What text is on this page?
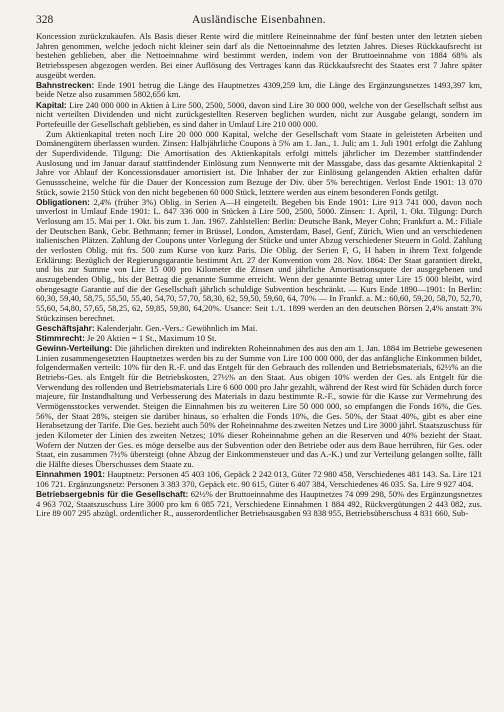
328	Ausländische Eisenbahnen.

Koncession zurückzukaufen. Als Basis dieser Rente wird die mittlere Reineinnahme der fünf besten unter den letzten sieben Jahren genommen, welche jedoch nicht kleiner sein darf als die Nettoeinnahme des letzten Jahres. Dieses Rückkaufsrecht ist bestehen geblieben, aber die Nettoeinnahme wird bestimmt werden, indem von der Bruttoeinnahme von 1884 68% als Betriebsspesen abgezogen werden. Bei einer Auflösung des Vertrages kann das Rückkaufsrecht des Staates erst 7 Jahre später ausgeübt werden.

Bahnstrecken: Ende 1901 betrug die Länge des Hauptnetzes 4309,259 km, die Länge des Ergänzungsnetzes 1493,397 km, beide Netze also zusammen 5802,656 km.

Kapital: Lire 240 000 000 in Aktien à Lire 500, 2500, 5000, davon sind Lire 30 000 000, welche von der Gesellschaft selbst aus nicht verteilten Dividenden und nicht zurückgestellten Reserven beglichen wurden, nicht zur Ausgabe gelangt, sondern im Portefeuille der Gesellschaft geblieben, es sind daher in Umlauf Lire 210 000 000.

Zum Aktienkapital treten noch Lire 20 000 000 Kapital, welche der Gesellschaft vom Staate in geleisteten Arbeiten und Domänengütern überlassen wurden. Zinsen: Halbjährliche Coupons à 5% am 1. Jan., 1. Juli; am 1. Juli 1901 erfolgt die Zahlung der Superdividende. Tilgung: Die Amortisation des Aktienkapitals erfolgt mittels jährlicher im Dezember stattfindender Auslosung und im Januar darauf stattfindender Einlösung zum Nennwerte mit der Massgabe, dass das gesamte Aktienkapital 2 Jahre vor Ablauf der Koncessionsdauer amortisiert ist. Die Inhaber der zur Einlösung gelangenden Aktien erhalten dafür Genussscheine, welche für die Dauer der Koncession zum Bezuge der Div. über 5% berechtigen. Verlost Ende 1901: 13 070 Stück, sowie 2150 Stück von den nicht begebenen 60 000 Stück, letztere werden aus einem besonderen Fonds getilgt.

Obligationen: 2,4% (früher 3%) Oblig. in Serien A—H eingeteilt. Begeben bis Ende 1901: Lire 913 741 000, davon noch unverlost in Umlauf Ende 1901: L. 847 336 000 in Stücken à Lire 500, 2500, 5000. Zinsen: 1. April, 1. Okt. Tilgung: Durch Verlosung am 15. Mai per 1. Okt. bis zum 1. Jan. 1967. Zahlstellen: Berlin: Deutsche Bank, Meyer Cohn; Frankfurt a. M.: Filiale der Deutschen Bank, Gebr. Bethmann; ferner in Brüssel, London, Amsterdam, Basel, Genf, Zürich, Wien und an verschiedenen italienischen Plätzen. Zahlung der Coupons unter Vorlegung der Stücke und unter Abzug verschiedener Steuern in Gold. Zahlung der verlosten Oblig. mit frs. 500 zum Kurse von kurz Paris. Die Oblig. der Serien F, G, H haben in ihrem Text folgende Erklärung: Bezüglich der Regierungsgarantie bestimmt Art. 27 der Konvention vom 28. Nov. 1864: Der Staat garantiert direkt, und bis zur Summe von Lire 15 000 pro Kilometer die Zinsen und jährliche Amortisationsquote der ausgegebenen und auszugebenden Oblig., bis der Betrag die genannte Summe erreicht. Wenn der genannte Betrag unter Lire 15 000 bleibt, wird obengesagte Garantie auf die der Gesellschaft jährlich schuldige Subvention beschränkt. — Kurs Ende 1890—1901: In Berlin: 60,30, 59,40, 58,75, 55,50, 55,40, 54,70, 57,70, 58,30, 62, 59,50, 59,60, 64, 70% — In Frankf. a. M.: 60,60, 59,20, 58,70, 52,70, 55,60, 54,80, 57,65, 58,25, 62, 59,85, 59,80, 64,20%. Usance: Seit 1./1. 1899 werden an den deutschen Börsen 2,4% anstatt 3% Stückzinsen berechnet.

Geschäftsjahr: Kalenderjahr. Gen.-Vers.: Gewöhnlich im Mai.

Stimmrecht: Je 20 Aktien = 1 St., Maximum 10 St.

Gewinn-Verteilung: Die jährlichen direkten und indirekten Roheinnahmen des aus den am 1. Jan. 1884 im Betriebe gewesenen Linien zusammengesetzten Hauptnetzes werden bis zu der Summe von Lire 100 000 000, der das anfängliche Einkommen bildet, folgendermaßen verteilt: 10% für den R.-F. und das Entgelt für den Gebrauch des rollenden und Betriebsmaterials, 62½% an die Betriebs-Ges. als Entgelt für die Betriebskosten, 27½% an den Staat. Aus obigen 10% werden der Ges. als Entgelt für die Verwendung des rollenden und Betriebsmaterials Lire 6 600 000 pro Jahr gezahlt, während der Rest wird für Schäden durch force majeure, für Instandhaltung und Verbesserung des Materials in dazu bestimmte R.-F., sowie für die Kasse zur Vermehrung des Vermögensstockes verwendet. Steigen die Einnahmen bis zu weiteren Lire 50 000 000, so empfangen die Fonds 16%, die Ges. 56%, der Staat 28%, steigen sie darüber hinaus, so erhalten die Fonds 10%, die Ges. 50%, der Staat 40%, gibt es aber eine Herabsetzung der Tarife. Die Ges. bezieht auch 50% der Roheinnahme des zweiten Netzes und Lire 3000 jährl. Staatszuschuss für jeden Kilometer der Linien des zweiten Netzes; 10% dieser Roheinnahme gehen an die Reserven und 40% bezieht der Staat. Wofern der Nutzen der Ges. es möge derselbe aus der Subvention oder den Betriebe oder aus dem Baue herrühren, für Ges. oder Staat, ein zusammen 7½% übersteigt (ohne Abzug der Einkommensteuer und das A.-K.) und zur Verteilung gelangen sollte, fällt die Hälfte dieses Überschusses dem Staate zu.

Einnahmen 1901: Hauptnetz: Personen 45 403 106, Gepäck 2 242 013, Güter 72 980 458, Verschiedenes 481 143. Sa. Lire 121 106 721. Ergänzungsnetz: Personen 3 383 370, Gepäck etc. 90 615, Güter 6 407 384, Verschiedenes 46 035. Sa. Lire 9 927 404.

Betriebsergebnis für die Gesellschaft: 62½% der Bruttoeinnahme des Hauptnetzes 74 099 298, 50% des Ergänzungsnetzes 4 963 702, Staatszuschuss Lire 3000 pro km 6 085 721, Verschiedene Einnahmen 1 884 492, Rückvergütungen 2 443 082, zus. Lire 89 007 295 abzügl. ordentlicher R., ausserordentlicher Betriebsausgaben 93 838 955, Betriebsüberschuss 4 831 660, Sub-
